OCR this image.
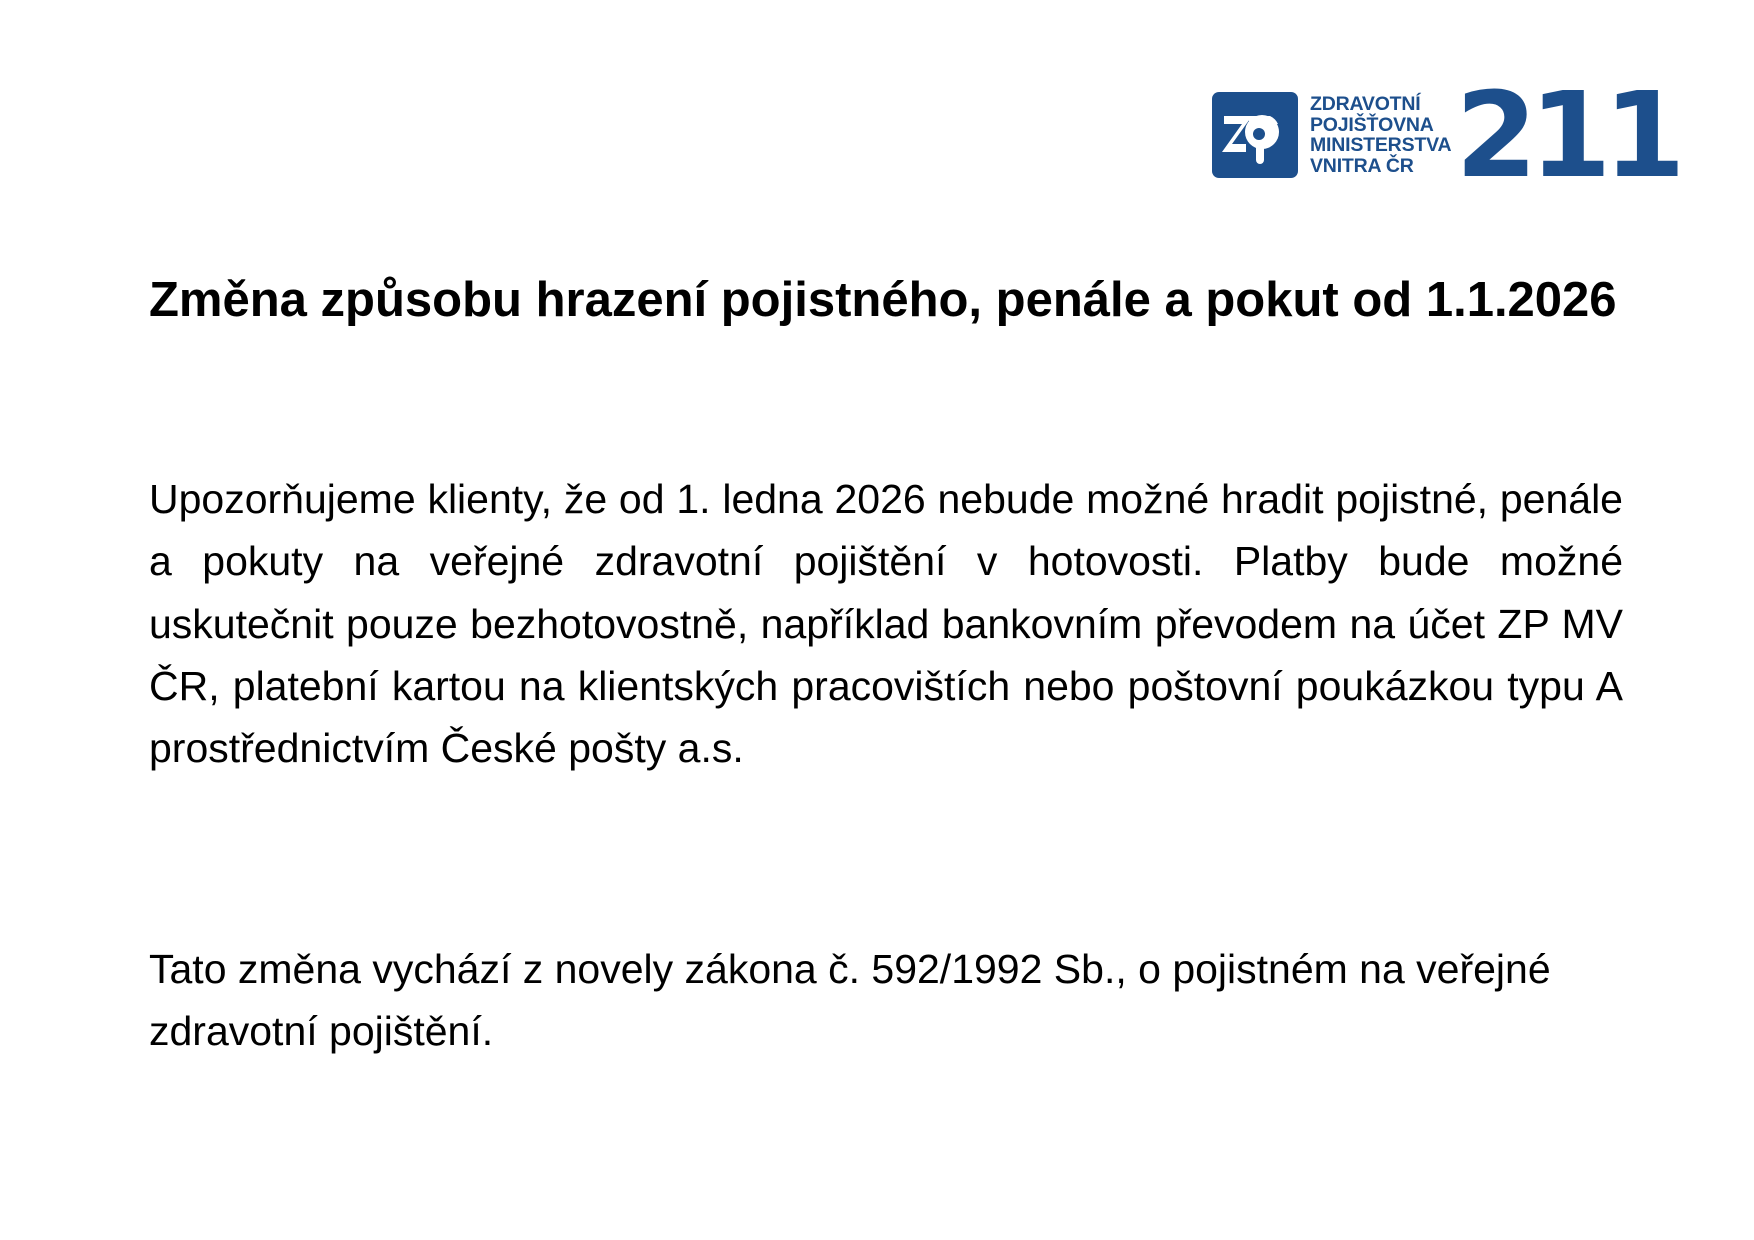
ZDRAVOTNÍ
POJIŠŤOVNA
MINISTERSTVA
VNITRA ČR 211
Změna způsobu hrazení pojistného, penále a pokut od 1.1.2026

Upozorňujeme klienty, že od 1. ledna 2026 nebude možné hradit pojistné, penále a pokuty na veřejné zdravotní pojištění v hotovosti. Platby bude možné uskutečnit pouze bezhotovostně, například bankovním převodem na účet ZP MV ČR, platební kartou na klientských pracovištích nebo poštovní poukázkou typu A prostřednictvím České pošty a.s.

Tato změna vychází z novely zákona č. 592/1992 Sb., o pojistném na veřejné zdravotní pojištění.
